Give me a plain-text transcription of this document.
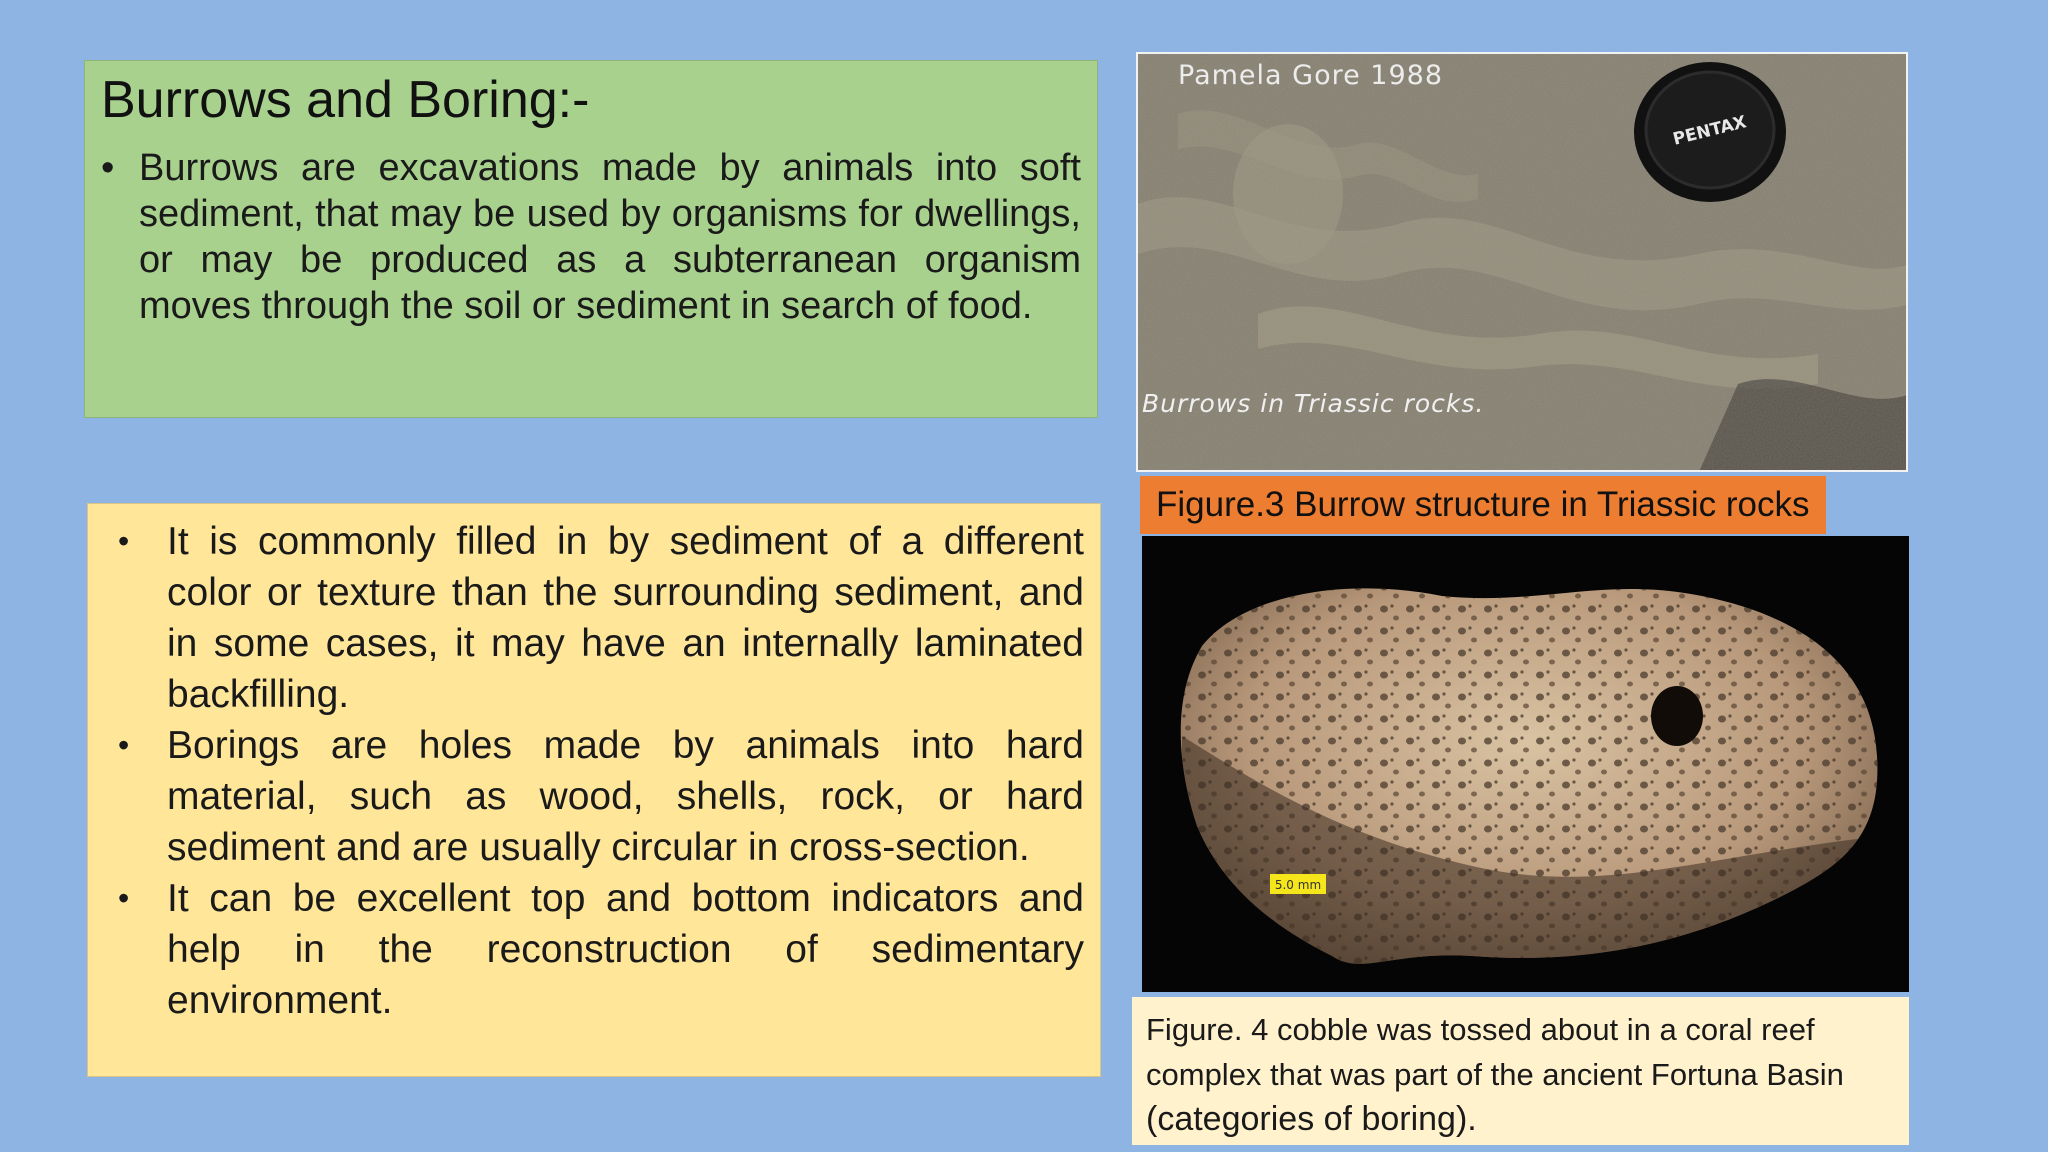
Burrows and Boring:-
• Burrows are excavations made by animals into soft sediment, that may be used by organisms for dwellings, or may be produced as a subterranean organism moves through the soil or sediment in search of food.
• It is commonly filled in by sediment of a different color or texture than the surrounding sediment, and in some cases, it may have an internally laminated backfilling.
• Borings are holes made by animals into hard material, such as wood, shells, rock, or hard sediment and are usually circular in cross-section.
• It can be excellent top and bottom indicators and help in the reconstruction of sedimentary environment.
PENTAX
Pamela Gore 1988
Burrows in Triassic rocks.
Figure.3 Burrow structure in Triassic rocks
5.0 mm
Figure. 4 cobble was tossed about in a coral reef complex that was part of the ancient Fortuna Basin
(categories of boring).
